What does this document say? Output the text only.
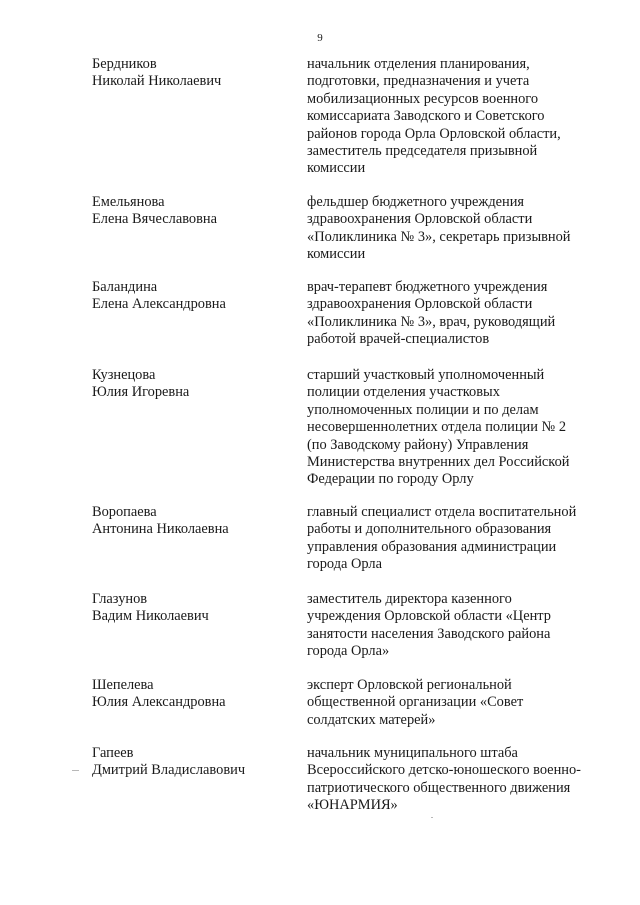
9
Бердников
Николай Николаевич
начальник отделения планирования,
подготовки, предназначения и учета
мобилизационных ресурсов военного
комиссариата Заводского и Советского
районов города Орла Орловской области,
заместитель председателя призывной
комиссии
Емельянова
Елена Вячеславовна
фельдшер бюджетного учреждения
здравоохранения Орловской области
«Поликлиника № 3», секретарь призывной
комиссии
Баландина
Елена Александровна
врач-терапевт бюджетного учреждения
здравоохранения Орловской области
«Поликлиника № 3», врач, руководящий
работой врачей-специалистов
Кузнецова
Юлия Игоревна
старший участковый уполномоченный
полиции отделения участковых
уполномоченных полиции и по делам
несовершеннолетних отдела полиции № 2
(по Заводскому району) Управления
Министерства внутренних дел Российской
Федерации по городу Орлу
Воропаева
Антонина Николаевна
главный специалист отдела воспитательной
работы и дополнительного образования
управления образования администрации
города Орла
Глазунов
Вадим Николаевич
заместитель директора казенного
учреждения Орловской области «Центр
занятости населения Заводского района
города Орла»
Шепелева
Юлия Александровна
эксперт Орловской региональной
общественной организации «Совет
солдатских матерей»
Гапеев
Дмитрий Владиславович
начальник муниципального штаба
Всероссийского детско-юношеского военно-
патриотического общественного движения
«ЮНАРМИЯ»
